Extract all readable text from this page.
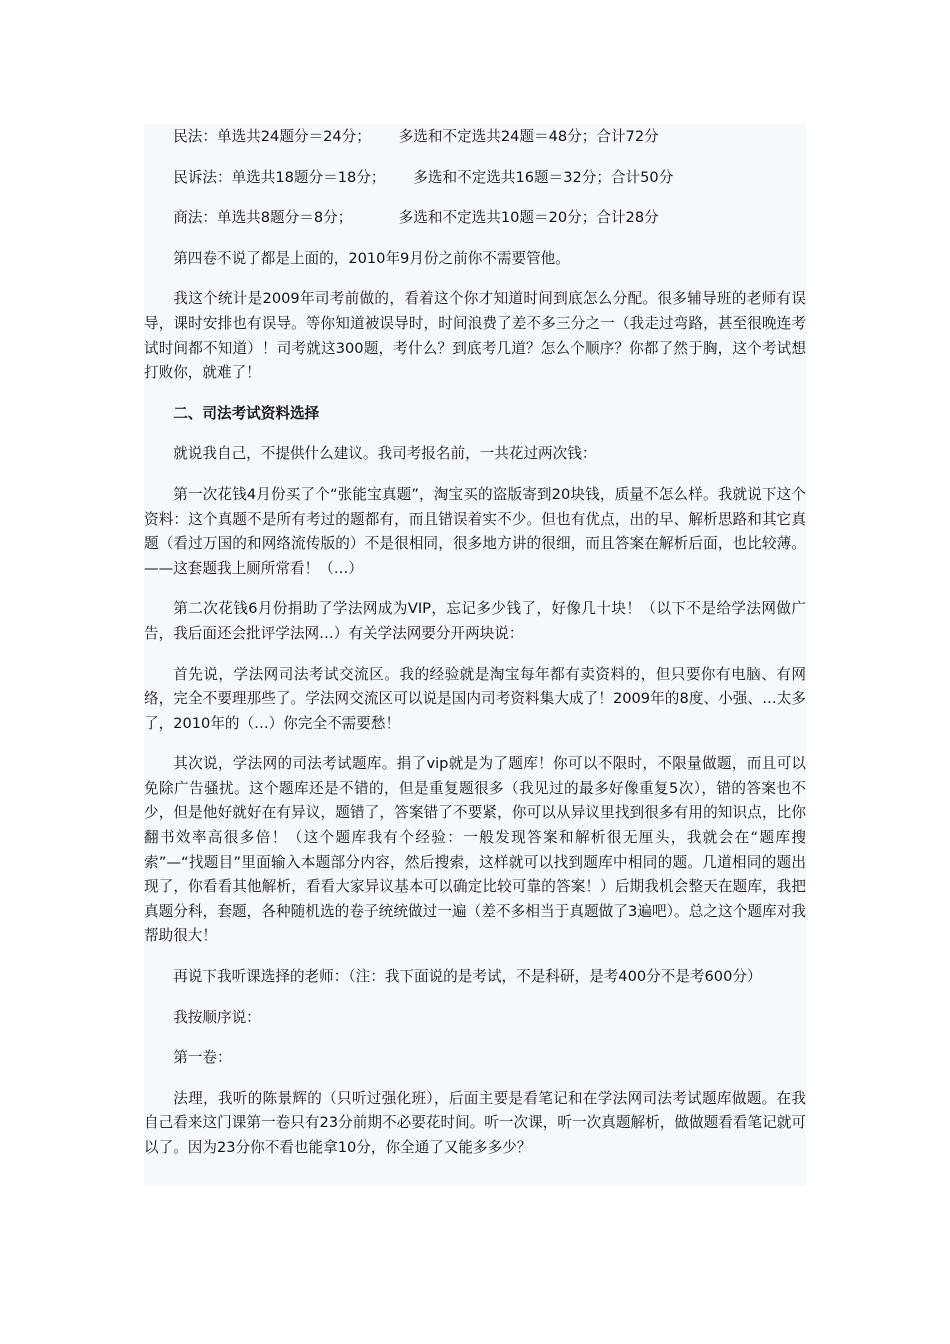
民法：单选共24题分＝24分；      多选和不定选共24题＝48分；合计72分

民诉法：单选共18题分＝18分；      多选和不定选共16题＝32分；合计50分

商法：单选共8题分＝8分；          多选和不定选共10题＝20分；合计28分

第四卷不说了都是上面的，2010年9月份之前你不需要管他。

我这个统计是2009年司考前做的，看着这个你才知道时间到底怎么分配。很多辅导班的老师有误导，课时安排也有误导。等你知道被误导时，时间浪费了差不多三分之一（我走过弯路，甚至很晚连考试时间都不知道）！司考就这300题，考什么？到底考几道？怎么个顺序？你都了然于胸，这个考试想打败你，就难了！

二、司法考试资料选择

就说我自己，不提供什么建议。我司考报名前，一共花过两次钱：

第一次花钱4月份买了个“张能宝真题”，淘宝买的盗版寄到20块钱，质量不怎么样。我就说下这个资料：这个真题不是所有考过的题都有，而且错误着实不少。但也有优点，出的早、解析思路和其它真题（看过万国的和网络流传版的）不是很相同，很多地方讲的很细，而且答案在解析后面，也比较薄。——这套题我上厕所常看！（…）

第二次花钱6月份捐助了学法网成为VIP，忘记多少钱了，好像几十块！（以下不是给学法网做广告，我后面还会批评学法网…）有关学法网要分开两块说：

首先说，学法网司法考试交流区。我的经验就是淘宝每年都有卖资料的，但只要你有电脑、有网络，完全不要理那些了。学法网交流区可以说是国内司考资料集大成了！2009年的8度、小强、…太多了，2010年的（…）你完全不需要愁！

其次说，学法网的司法考试题库。捐了vip就是为了题库！你可以不限时，不限量做题，而且可以免除广告骚扰。这个题库还是不错的，但是重复题很多（我见过的最多好像重复5次），错的答案也不少，但是他好就好在有异议，题错了，答案错了不要紧，你可以从异议里找到很多有用的知识点，比你翻书效率高很多倍！（这个题库我有个经验：一般发现答案和解析很无厘头，我就会在“题库搜索”—“找题目”里面输入本题部分内容，然后搜索，这样就可以找到题库中相同的题。几道相同的题出现了，你看看其他解析，看看大家异议基本可以确定比较可靠的答案！）后期我机会整天在题库，我把真题分科，套题，各种随机选的卷子统统做过一遍（差不多相当于真题做了3遍吧）。总之这个题库对我帮助很大！

再说下我听课选择的老师：（注：我下面说的是考试，不是科研，是考400分不是考600分）

我按顺序说：

第一卷：

法理，我听的陈景辉的（只听过强化班），后面主要是看笔记和在学法网司法考试题库做题。在我自己看来这门课第一卷只有23分前期不必要花时间。听一次课，听一次真题解析，做做题看看笔记就可以了。因为23分你不看也能拿10分，你全通了又能多多少？
